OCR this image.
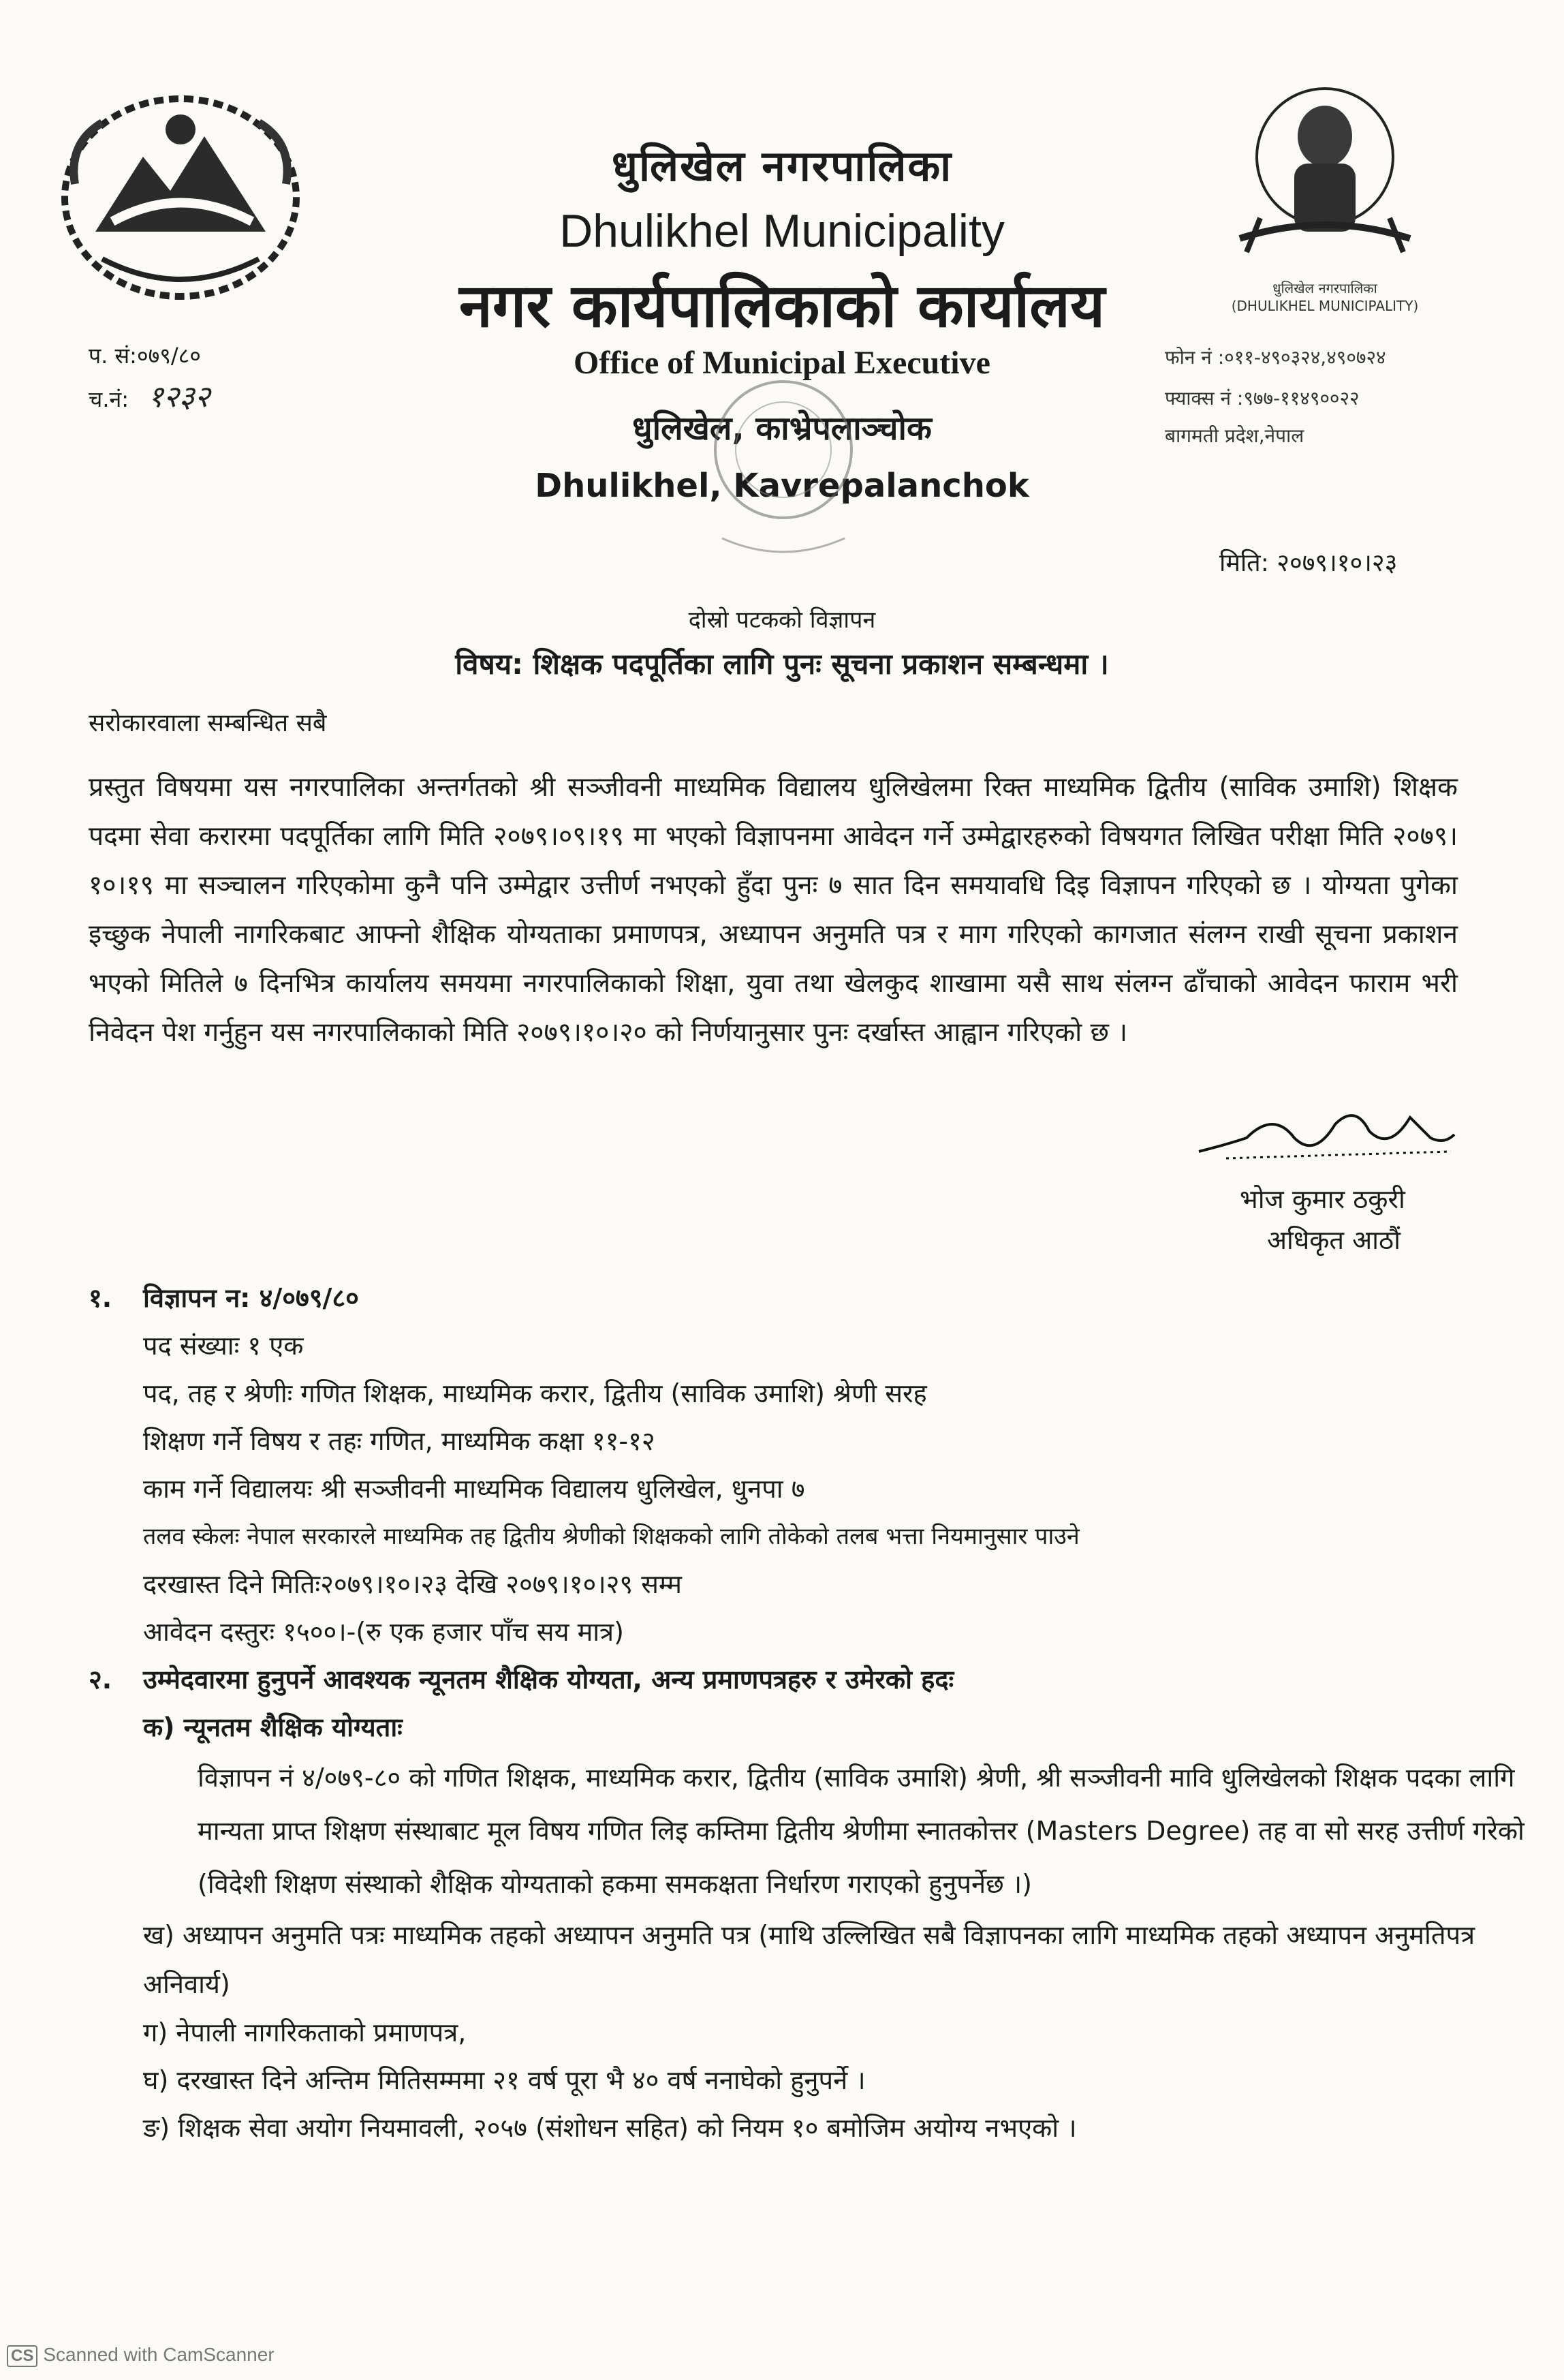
धुलिखेल नगरपालिका
(DHULIKHEL MUNICIPALITY)
धुलिखेल नगरपालिका
Dhulikhel Municipality
नगर कार्यपालिकाको कार्यालय
Office of Municipal Executive
धुलिखेल, काभ्रेपलाञ्चोक
Dhulikhel, Kavrepalanchok
प. सं:०७९/८०
च.नं: १२३२
फोन नं :०११-४९०३२४,४९०७२४
फ्याक्स नं :९७७-११४९००२२
बागमती प्रदेश,नेपाल
मिति: २०७९।१०।२३
दोस्रो पटकको विज्ञापन
विषय: शिक्षक पदपूर्तिका लागि पुनः सूचना प्रकाशन सम्बन्धमा ।
सरोकारवाला सम्बन्धित सबै
प्रस्तुत विषयमा यस नगरपालिका अन्तर्गतको श्री सञ्जीवनी माध्यमिक विद्यालय धुलिखेलमा रिक्त माध्यमिक द्वितीय (साविक उमाशि) शिक्षक पदमा सेवा करारमा पदपूर्तिका लागि मिति २०७९।०९।१९ मा भएको विज्ञापनमा आवेदन गर्ने उम्मेद्वारहरुको विषयगत लिखित परीक्षा मिति २०७९।१०।१९ मा सञ्चालन गरिएकोमा कुनै पनि उम्मेद्वार उत्तीर्ण नभएको हुँदा पुनः ७ सात दिन समयावधि दिइ विज्ञापन गरिएको छ । योग्यता पुगेका इच्छुक नेपाली नागरिकबाट आफ्नो शैक्षिक योग्यताका प्रमाणपत्र, अध्यापन अनुमति पत्र र माग गरिएको कागजात संलग्न राखी सूचना प्रकाशन भएको मितिले ७ दिनभित्र कार्यालय समयमा नगरपालिकाको शिक्षा, युवा तथा खेलकुद शाखामा यसै साथ संलग्न ढाँचाको आवेदन फाराम भरी निवेदन पेश गर्नुहुन यस नगरपालिकाको मिति २०७९।१०।२० को निर्णयानुसार पुनः दर्खास्त आह्वान गरिएको छ ।
भोज कुमार ठकुरी
अधिकृत आठौं
१. विज्ञापन न: ४/०७९/८०
पद संख्याः १ एक
पद, तह र श्रेणीः गणित शिक्षक, माध्यमिक करार, द्वितीय (साविक उमाशि) श्रेणी सरह
शिक्षण गर्ने विषय र तहः गणित, माध्यमिक कक्षा ११-१२
काम गर्ने विद्यालयः श्री सञ्जीवनी माध्यमिक विद्यालय धुलिखेल, धुनपा ७
तलव स्केलः नेपाल सरकारले माध्यमिक तह द्वितीय श्रेणीको शिक्षकको लागि तोकेको तलब भत्ता नियमानुसार पाउने
दरखास्त दिने मितिः२०७९।१०।२३ देखि २०७९।१०।२९ सम्म
आवेदन दस्तुरः १५००।-(रु एक हजार पाँच सय मात्र)
२. उम्मेदवारमा हुनुपर्ने आवश्यक न्यूनतम शैक्षिक योग्यता, अन्य प्रमाणपत्रहरु र उमेरको हदः
क) न्यूनतम शैक्षिक योग्यताः
विज्ञापन नं ४/०७९-८० को गणित शिक्षक, माध्यमिक करार, द्वितीय (साविक उमाशि) श्रेणी, श्री सञ्जीवनी मावि धुलिखेलको शिक्षक पदका लागि मान्यता प्राप्त शिक्षण संस्थाबाट मूल विषय गणित लिइ कम्तिमा द्वितीय श्रेणीमा स्नातकोत्तर (Masters Degree) तह वा सो सरह उत्तीर्ण गरेको (विदेशी शिक्षण संस्थाको शैक्षिक योग्यताको हकमा समकक्षता निर्धारण गराएको हुनुपर्नेछ ।)
ख) अध्यापन अनुमति पत्रः माध्यमिक तहको अध्यापन अनुमति पत्र (माथि उल्लिखित सबै विज्ञापनका लागि माध्यमिक तहको अध्यापन अनुमतिपत्र अनिवार्य)
ग) नेपाली नागरिकताको प्रमाणपत्र,
घ) दरखास्त दिने अन्तिम मितिसम्ममा २१ वर्ष पूरा भै ४० वर्ष ननाघेको हुनुपर्ने ।
ङ) शिक्षक सेवा अयोग नियमावली, २०५७ (संशोधन सहित) को नियम १० बमोजिम अयोग्य नभएको ।
CS Scanned with CamScanner
